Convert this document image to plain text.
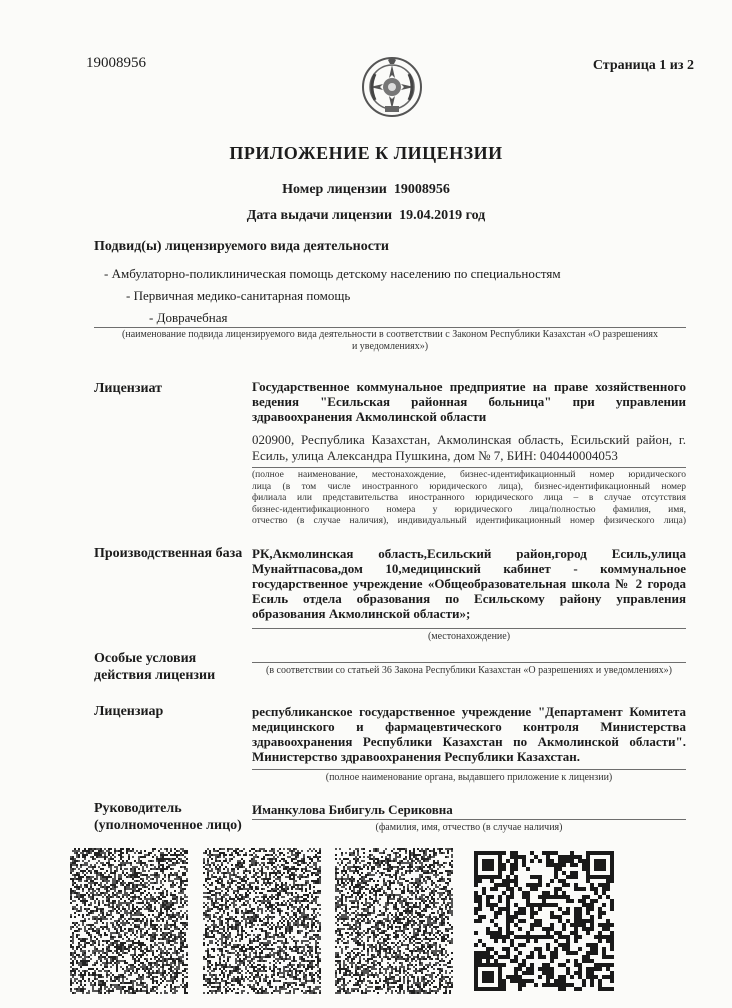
19008956	Страница 1 из 2
ПРИЛОЖЕНИЕ К ЛИЦЕНЗИИ
Номер лицензии 19008956
Дата выдачи лицензии 19.04.2019 год
Подвид(ы) лицензируемого вида деятельности
- Амбулаторно-поликлиническая помощь детскому населению по специальностям
- Первичная медико-санитарная помощь
- Доврачебная
(наименование подвида лицензируемого вида деятельности в соответствии с Законом Республики Казахстан «О разрешениях
и уведомлениях»)
Лицензиат	Государственное коммунальное предприятие на праве хозяйственного
ведения "Есильская районная больница" при управлении
здравоохранения Акмолинской области
020900, Республика Казахстан, Акмолинская область, Есильский район, г.
Есиль, улица Александра Пушкина, дом № 7, БИН: 040440004053
(полное наименование, местонахождение, бизнес-идентификационный номер юридического
лица (в том числе иностранного юридического лица), бизнес-идентификационный номер
филиала или представительства иностранного юридического лица – в случае отсутствия
бизнес-идентификационного номера у юридического лица/полностью фамилия, имя,
отчество (в случае наличия), индивидуальный идентификационный номер физического лица)
Производственная база РК,Акмолинская область,Есильский район,город Есиль,улица
Мунайтпасова,дом 10,медицинский кабинет - коммунальное
государственное учреждение «Общеобразовательная школа № 2 города
Есиль отдела образования по Есильскому району управления
образования Акмолинской области»;
(местонахождение)
Особые условия
действия лицензии	(в соответствии со статьей 36 Закона Республики Казахстан «О разрешениях и уведомлениях»)
Лицензиар	республиканское государственное учреждение "Департамент Комитета
медицинского и фармацевтического контроля Министерства
здравоохранения Республики Казахстан по Акмолинской области".
Министерство здравоохранения Республики Казахстан.
(полное наименование органа, выдавшего приложение к лицензии)
Руководитель
(уполномоченное лицо)
Иманкулова Бибигуль Сериковна
(фамилия, имя, отчество (в случае наличия)
